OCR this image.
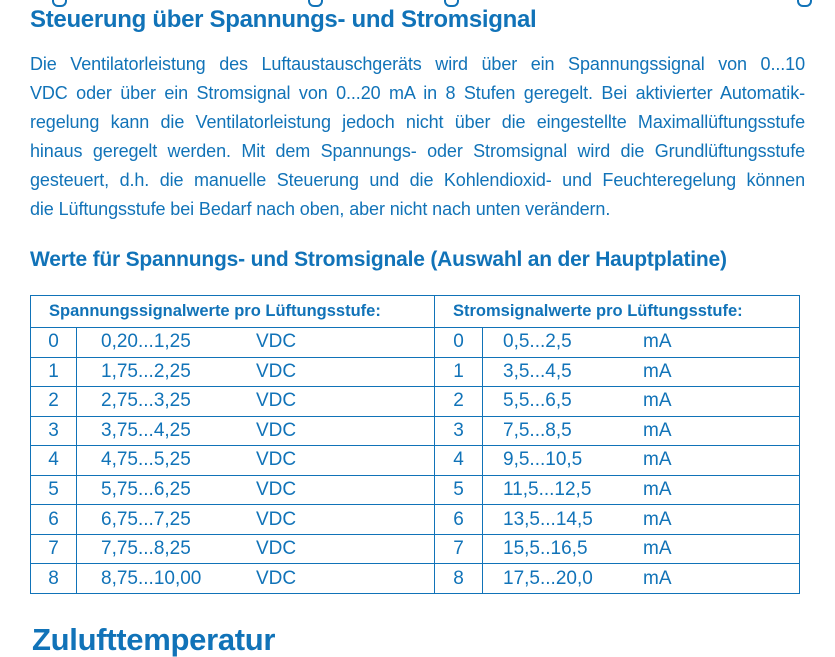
Steuerung über Spannungs- und Stromsignal
Die Ventilatorleistung des Luftaustauschgeräts wird über ein Spannungssignal von 0...10
VDC oder über ein Stromsignal von 0...20 mA in 8 Stufen geregelt. Bei aktivierter Automatik-
regelung kann die Ventilatorleistung jedoch nicht über die eingestellte Maximallüftungsstufe
hinaus geregelt werden. Mit dem Spannungs- oder Stromsignal wird die Grundlüftungsstufe
gesteuert, d.h. die manuelle Steuerung und die Kohlendioxid- und Feuchteregelung können
die Lüftungsstufe bei Bedarf nach oben, aber nicht nach unten verändern.
Werte für Spannungs- und Stromsignale (Auswahl an der Hauptplatine)
Spannungssignalwerte pro Lüftungsstufe:	Stromsignalwerte pro Lüftungsstufe:
0	0,20...1,25	VDC	0	0,5...2,5	mA
1	1,75...2,25	VDC	1	3,5...4,5	mA
2	2,75...3,25	VDC	2	5,5...6,5	mA
3	3,75...4,25	VDC	3	7,5...8,5	mA
4	4,75...5,25	VDC	4	9,5...10,5	mA
5	5,75...6,25	VDC	5	11,5...12,5	mA
6	6,75...7,25	VDC	6	13,5...14,5	mA
7	7,75...8,25	VDC	7	15,5..16,5	mA
8	8,75...10,00	VDC	8	17,5...20,0	mA
Zulufttemperatur
